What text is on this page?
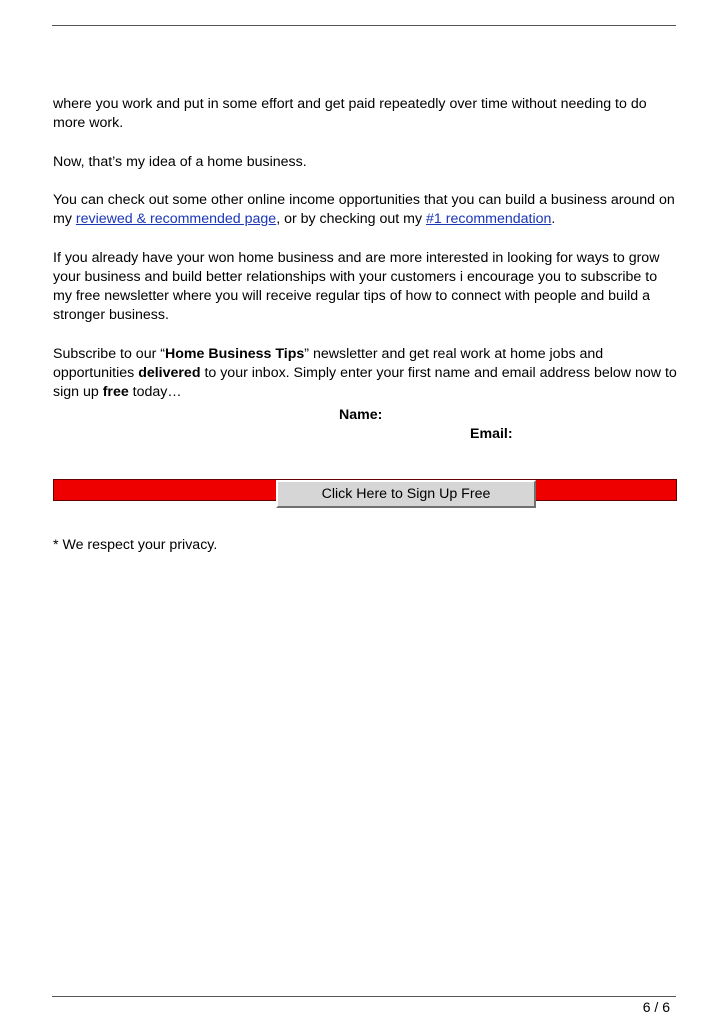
where you work and put in some effort and get paid repeatedly over time without needing to do more work.

Now, that’s my idea of a home business.

You can check out some other online income opportunities that you can build a business around on my reviewed & recommended page, or by checking out my #1 recommendation.

If you already have your won home business and are more interested in looking for ways to grow your business and build better relationships with your customers i encourage you to subscribe to my free newsletter where you will receive regular tips of how to connect with people and build a stronger business.

Subscribe to our “Home Business Tips” newsletter and get real work at home jobs and opportunities delivered to your inbox. Simply enter your first name and email address below now to sign up free today…

Name:
Email:
Click Here to Sign Up Free
* We respect your privacy.
6 / 6
